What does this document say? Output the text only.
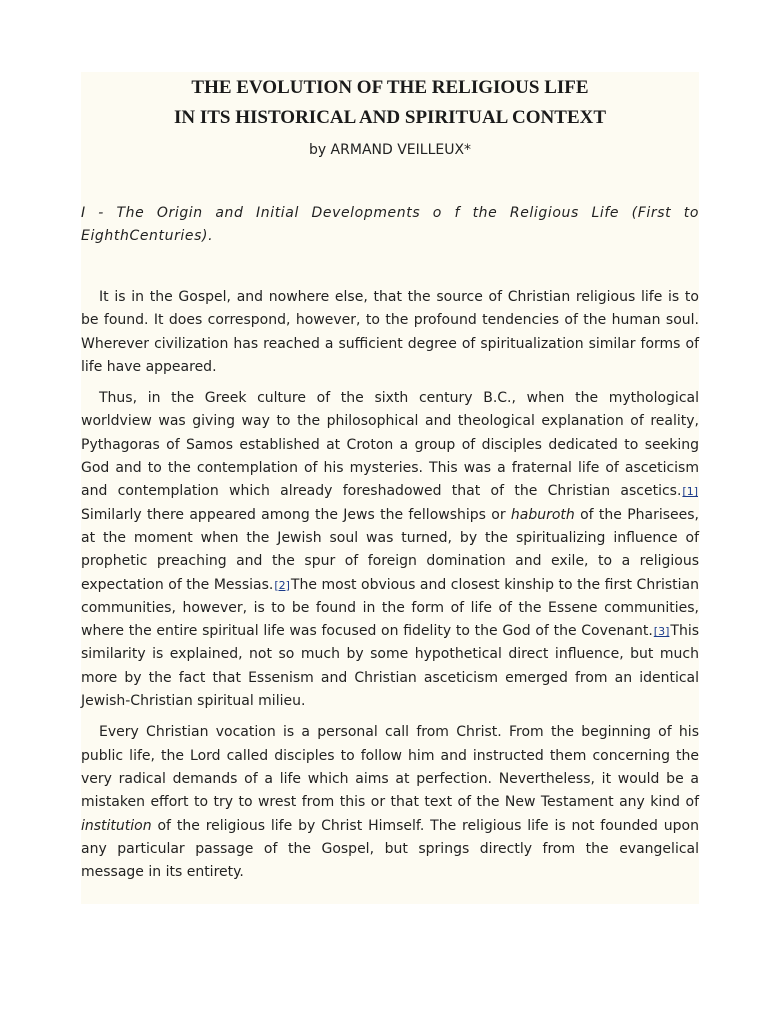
THE EVOLUTION OF THE RELIGIOUS LIFE
IN ITS HISTORICAL AND SPIRITUAL CONTEXT
by ARMAND VEILLEUX*
I - The Origin and Initial Developments o f the Religious Life (First to EighthCenturies).

It is in the Gospel, and nowhere else, that the source of Christian religious life is to be found. It does correspond, however, to the profound tendencies of the human soul. Wherever civilization has reached a sufficient degree of spiritualization similar forms of life have appeared.

Thus, in the Greek culture of the sixth century B.C., when the mythological worldview was giving way to the philosophical and theological explanation of reality, Pythagoras of Samos established at Croton a group of disciples dedicated to seeking God and to the contemplation of his mysteries. This was a fraternal life of asceticism and contemplation which already foreshadowed that of the Christian ascetics.[1] Similarly there appeared among the Jews the fellowships or haburoth of the Pharisees, at the moment when the Jewish soul was turned, by the spiritualizing influence of prophetic preaching and the spur of foreign domination and exile, to a religious expectation of the Messias.[2]The most obvious and closest kinship to the first Christian communities, however, is to be found in the form of life of the Essene communities, where the entire spiritual life was focused on fidelity to the God of the Covenant.[3]This similarity is explained, not so much by some hypothetical direct influence, but much more by the fact that Essenism and Christian asceticism emerged from an identical Jewish-Christian spiritual milieu.

Every Christian vocation is a personal call from Christ. From the beginning of his public life, the Lord called disciples to follow him and instructed them concerning the very radical demands of a life which aims at perfection. Nevertheless, it would be a mistaken effort to try to wrest from this or that text of the New Testament any kind of institution of the religious life by Christ Himself. The religious life is not founded upon any particular passage of the Gospel, but springs directly from the evangelical message in its entirety.
